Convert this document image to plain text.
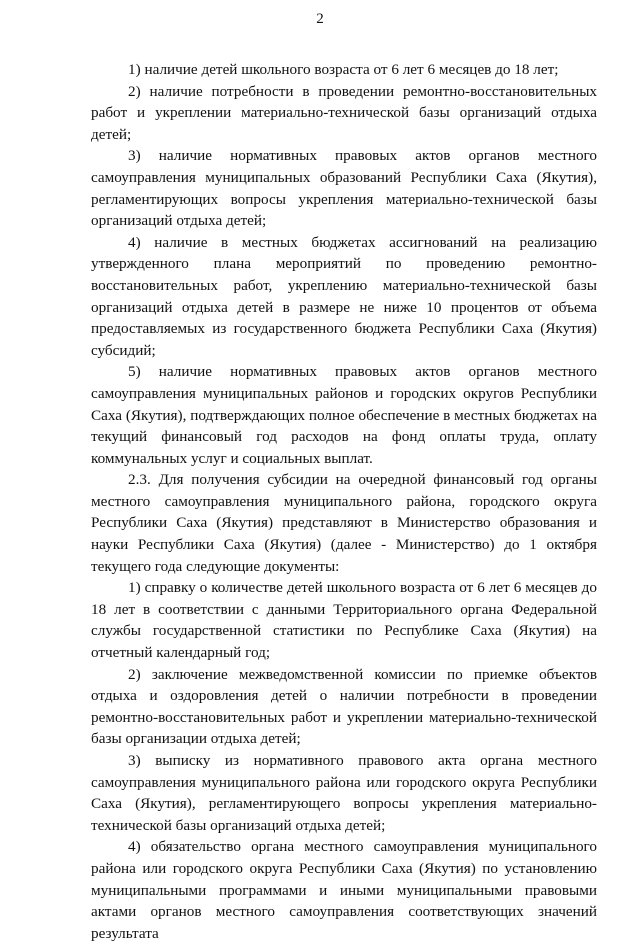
2

1) наличие детей школьного возраста от 6 лет 6 месяцев до 18 лет;

2) наличие потребности в проведении ремонтно-восстановительных работ и укреплении материально-технической базы организаций отдыха детей;

3) наличие нормативных правовых актов органов местного самоуправления муниципальных образований Республики Саха (Якутия), регламентирующих вопросы укрепления материально-технической базы организаций отдыха детей;

4) наличие в местных бюджетах ассигнований на реализацию утвержденного плана мероприятий по проведению ремонтно-восстановительных работ, укреплению материально-технической базы организаций отдыха детей в размере не ниже 10 процентов от объема предоставляемых из государственного бюджета Республики Саха (Якутия) субсидий;

5) наличие нормативных правовых актов органов местного самоуправления муниципальных районов и городских округов Республики Саха (Якутия), подтверждающих полное обеспечение в местных бюджетах на текущий финансовый год расходов на фонд оплаты труда, оплату коммунальных услуг и социальных выплат.

2.3. Для получения субсидии на очередной финансовый год органы местного самоуправления муниципального района, городского округа Республики Саха (Якутия) представляют в Министерство образования и науки Республики Саха (Якутия) (далее - Министерство) до 1 октября текущего года следующие документы:

1) справку о количестве детей школьного возраста от 6 лет 6 месяцев до 18 лет в соответствии с данными Территориального органа Федеральной службы государственной статистики по Республике Саха (Якутия) на отчетный календарный год;

2) заключение межведомственной комиссии по приемке объектов отдыха и оздоровления детей о наличии потребности в проведении ремонтно-восстановительных работ и укреплении материально-технической базы организации отдыха детей;

3) выписку из нормативного правового акта органа местного самоуправления муниципального района или городского округа Республики Саха (Якутия), регламентирующего вопросы укрепления материально-технической базы организаций отдыха детей;

4) обязательство органа местного самоуправления муниципального района или городского округа Республики Саха (Якутия) по установлению муниципальными программами и иными муниципальными правовыми актами органов местного самоуправления соответствующих значений результата
